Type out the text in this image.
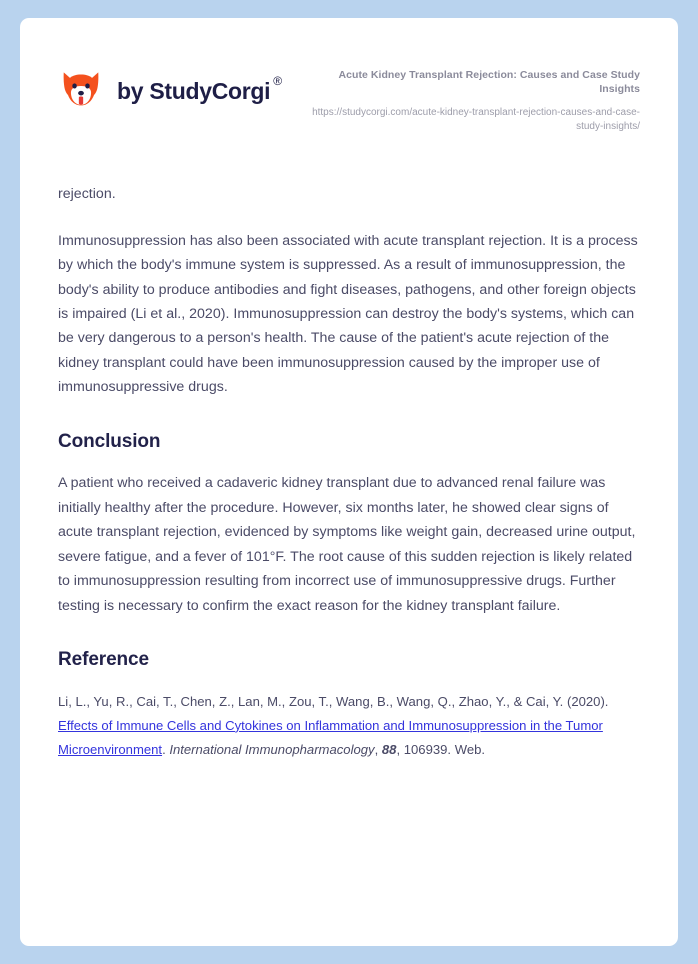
by StudyCorgi ®	Acute Kidney Transplant Rejection: Causes and Case Study Insights

https://studycorgi.com/acute-kidney-transplant-rejection-causes-and-case-study-insights/

rejection.

Immunosuppression has also been associated with acute transplant rejection. It is a process by which the body's immune system is suppressed. As a result of immunosuppression, the body's ability to produce antibodies and fight diseases, pathogens, and other foreign objects is impaired (Li et al., 2020). Immunosuppression can destroy the body's systems, which can be very dangerous to a person's health. The cause of the patient's acute rejection of the kidney transplant could have been immunosuppression caused by the improper use of immunosuppressive drugs.

Conclusion

A patient who received a cadaveric kidney transplant due to advanced renal failure was initially healthy after the procedure. However, six months later, he showed clear signs of acute transplant rejection, evidenced by symptoms like weight gain, decreased urine output, severe fatigue, and a fever of 101°F. The root cause of this sudden rejection is likely related to immunosuppression resulting from incorrect use of immunosuppressive drugs. Further testing is necessary to confirm the exact reason for the kidney transplant failure.

Reference

Li, L., Yu, R., Cai, T., Chen, Z., Lan, M., Zou, T., Wang, B., Wang, Q., Zhao, Y., & Cai, Y. (2020). Effects of Immune Cells and Cytokines on Inflammation and Immunosuppression in the Tumor Microenvironment. International Immunopharmacology, 88, 106939. Web.
